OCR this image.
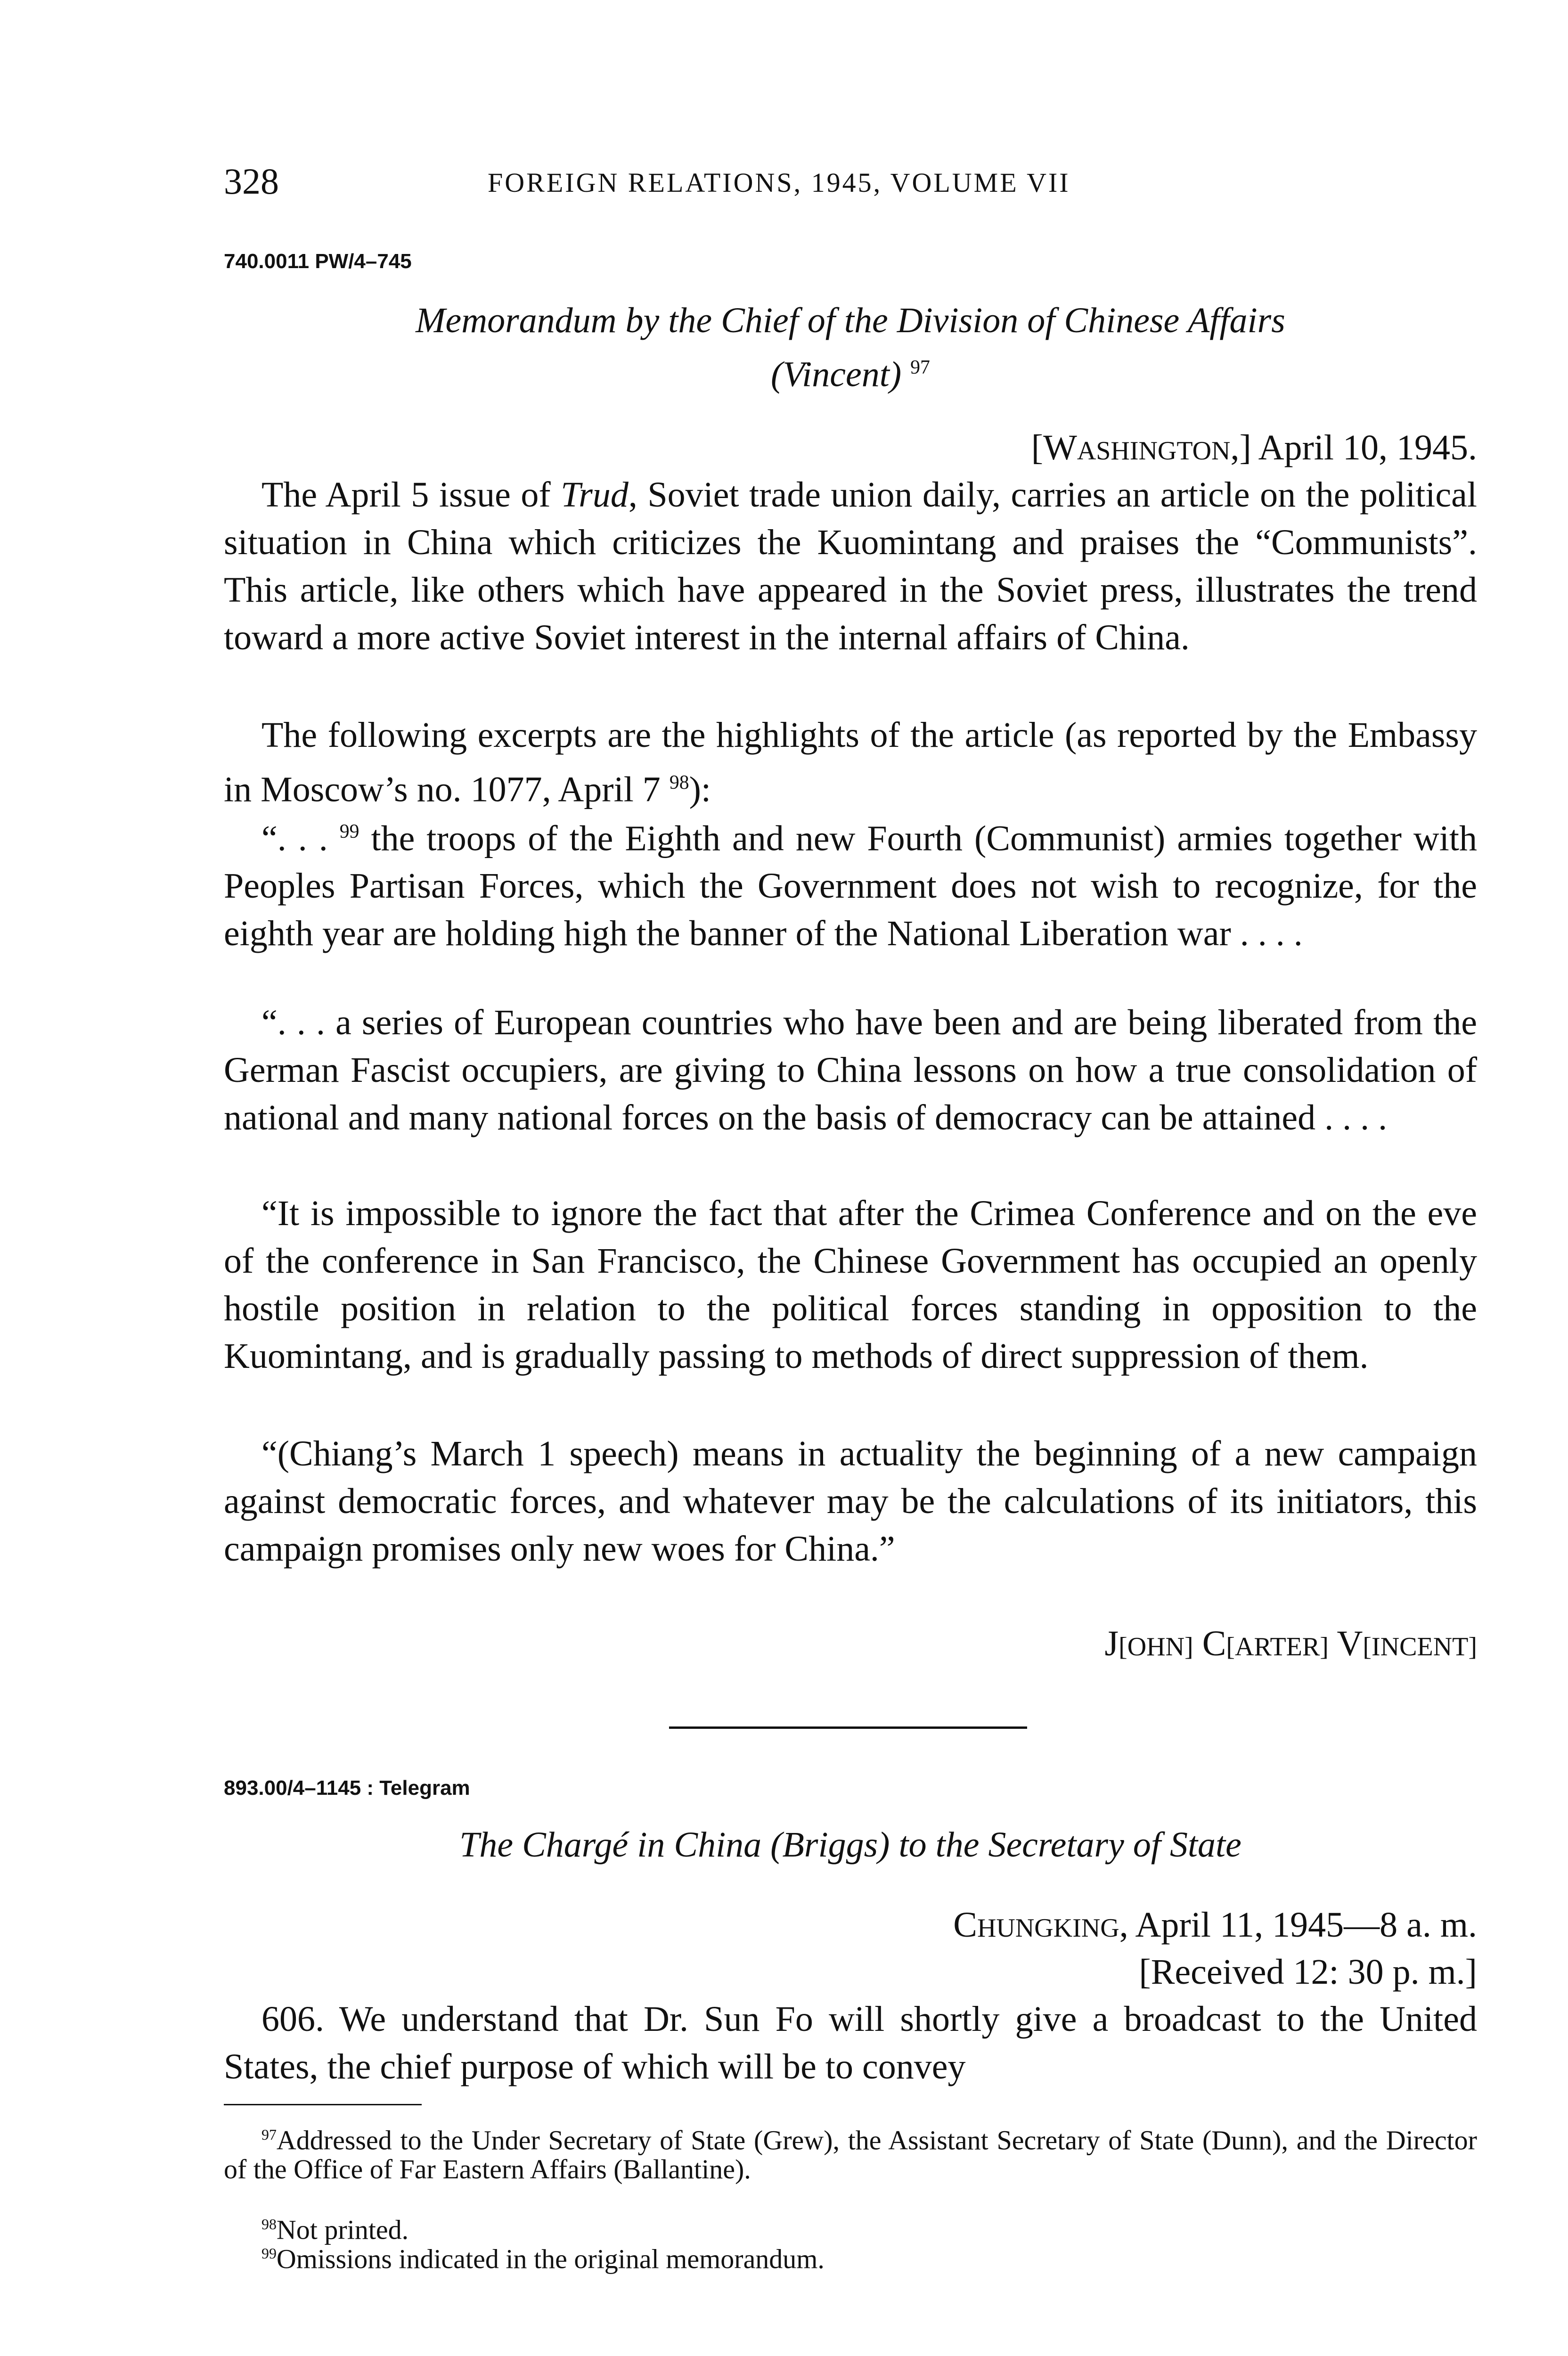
328	FOREIGN RELATIONS, 1945, VOLUME VII
740.0011 PW/4–745
Memorandum by the Chief of the Division of Chinese Affairs
(Vincent) $^{97}$
[WASHINGTON,] April 10, 1945.
The April 5 issue of Trud, Soviet trade union daily, carries an article on the political situation in China which criticizes the Kuomintang and praises the “Communists”. This article, like others which have appeared in the Soviet press, illustrates the trend toward a more active Soviet interest in the internal affairs of China.
The following excerpts are the highlights of the article (as reported by the Embassy in Moscow’s no. 1077, April 7 $^{98}$):
“. . . $^{99}$ the troops of the Eighth and new Fourth (Communist) armies together with Peoples Partisan Forces, which the Government does not wish to recognize, for the eighth year are holding high the banner of the National Liberation war . . . .
“. . . a series of European countries who have been and are being liberated from the German Fascist occupiers, are giving to China lessons on how a true consolidation of national and many national forces on the basis of democracy can be attained . . . .
“It is impossible to ignore the fact that after the Crimea Conference and on the eve of the conference in San Francisco, the Chinese Government has occupied an openly hostile position in relation to the political forces standing in opposition to the Kuomintang, and is gradually passing to methods of direct suppression of them.
“(Chiang’s March 1 speech) means in actuality the beginning of a new campaign against democratic forces, and whatever may be the calculations of its initiators, this campaign promises only new woes for China.”
J[OHN] C[ARTER] V[INCENT]
893.00/4–1145 : Telegram
The Chargé in China (Briggs) to the Secretary of State
CHUNGKING, April 11, 1945—8 a. m.
[Received 12: 30 p. m.]
606. We understand that Dr. Sun Fo will shortly give a broadcast to the United States, the chief purpose of which will be to convey
$^{97}$Addressed to the Under Secretary of State (Grew), the Assistant Secretary of State (Dunn), and the Director of the Office of Far Eastern Affairs (Ballantine).
$^{98}$Not printed.
$^{99}$Omissions indicated in the original memorandum.
